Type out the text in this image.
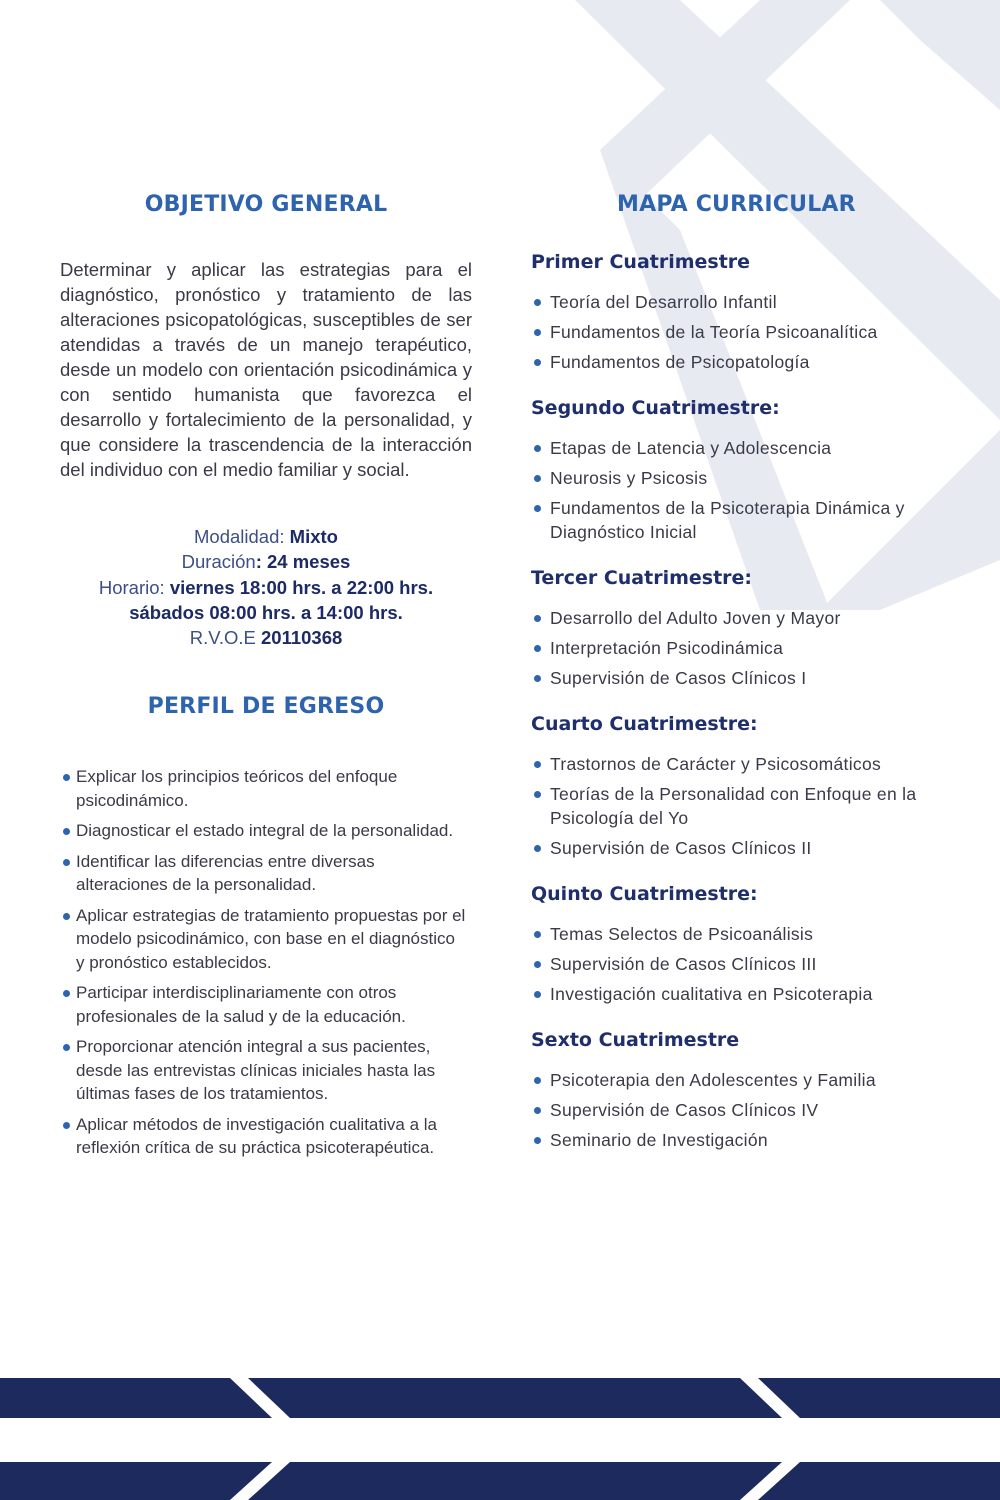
OBJETIVO GENERAL

Determinar y aplicar las estrategias para el diagnóstico, pronóstico y tratamiento de las alteraciones psicopatológicas, susceptibles de ser atendidas a través de un manejo terapéutico, desde un modelo con orientación psicodinámica y con sentido humanista que favorezca el desarrollo y fortalecimiento de la personalidad, y que considere la trascendencia de la interacción del individuo con el medio familiar y social.

Modalidad: Mixto
Duración: 24 meses
Horario: viernes 18:00 hrs. a 22:00 hrs.
sábados 08:00 hrs. a 14:00 hrs.
R.V.O.E 20110368
PERFIL DE EGRESO
Explicar los principios teóricos del enfoque psicodinámico.
Diagnosticar el estado integral de la personalidad.
Identificar las diferencias entre diversas alteraciones de la personalidad.
Aplicar estrategias de tratamiento propuestas por el modelo psicodinámico, con base en el diagnóstico y pronóstico establecidos.
Participar interdisciplinariamente con otros profesionales de la salud y de la educación.
Proporcionar atención integral a sus pacientes, desde las entrevistas clínicas iniciales hasta las últimas fases de los tratamientos.
Aplicar métodos de investigación cualitativa a la reflexión crítica de su práctica psicoterapéutica.
MAPA CURRICULAR
Primer Cuatrimestre
Teoría del Desarrollo Infantil
Fundamentos de la Teoría Psicoanalítica
Fundamentos de Psicopatología
Segundo Cuatrimestre:
Etapas de Latencia y Adolescencia
Neurosis y Psicosis
Fundamentos de la Psicoterapia Dinámica y Diagnóstico Inicial
Tercer Cuatrimestre:
Desarrollo del Adulto Joven y Mayor
Interpretación Psicodinámica
Supervisión de Casos Clínicos I
Cuarto Cuatrimestre:
Trastornos de Carácter y Psicosomáticos
Teorías de la Personalidad con Enfoque en la Psicología del Yo
Supervisión de Casos Clínicos II
Quinto Cuatrimestre:
Temas Selectos de Psicoanálisis
Supervisión de Casos Clínicos III
Investigación cualitativa en Psicoterapia
Sexto Cuatrimestre
Psicoterapia den Adolescentes y Familia
Supervisión de Casos Clínicos IV
Seminario de Investigación
